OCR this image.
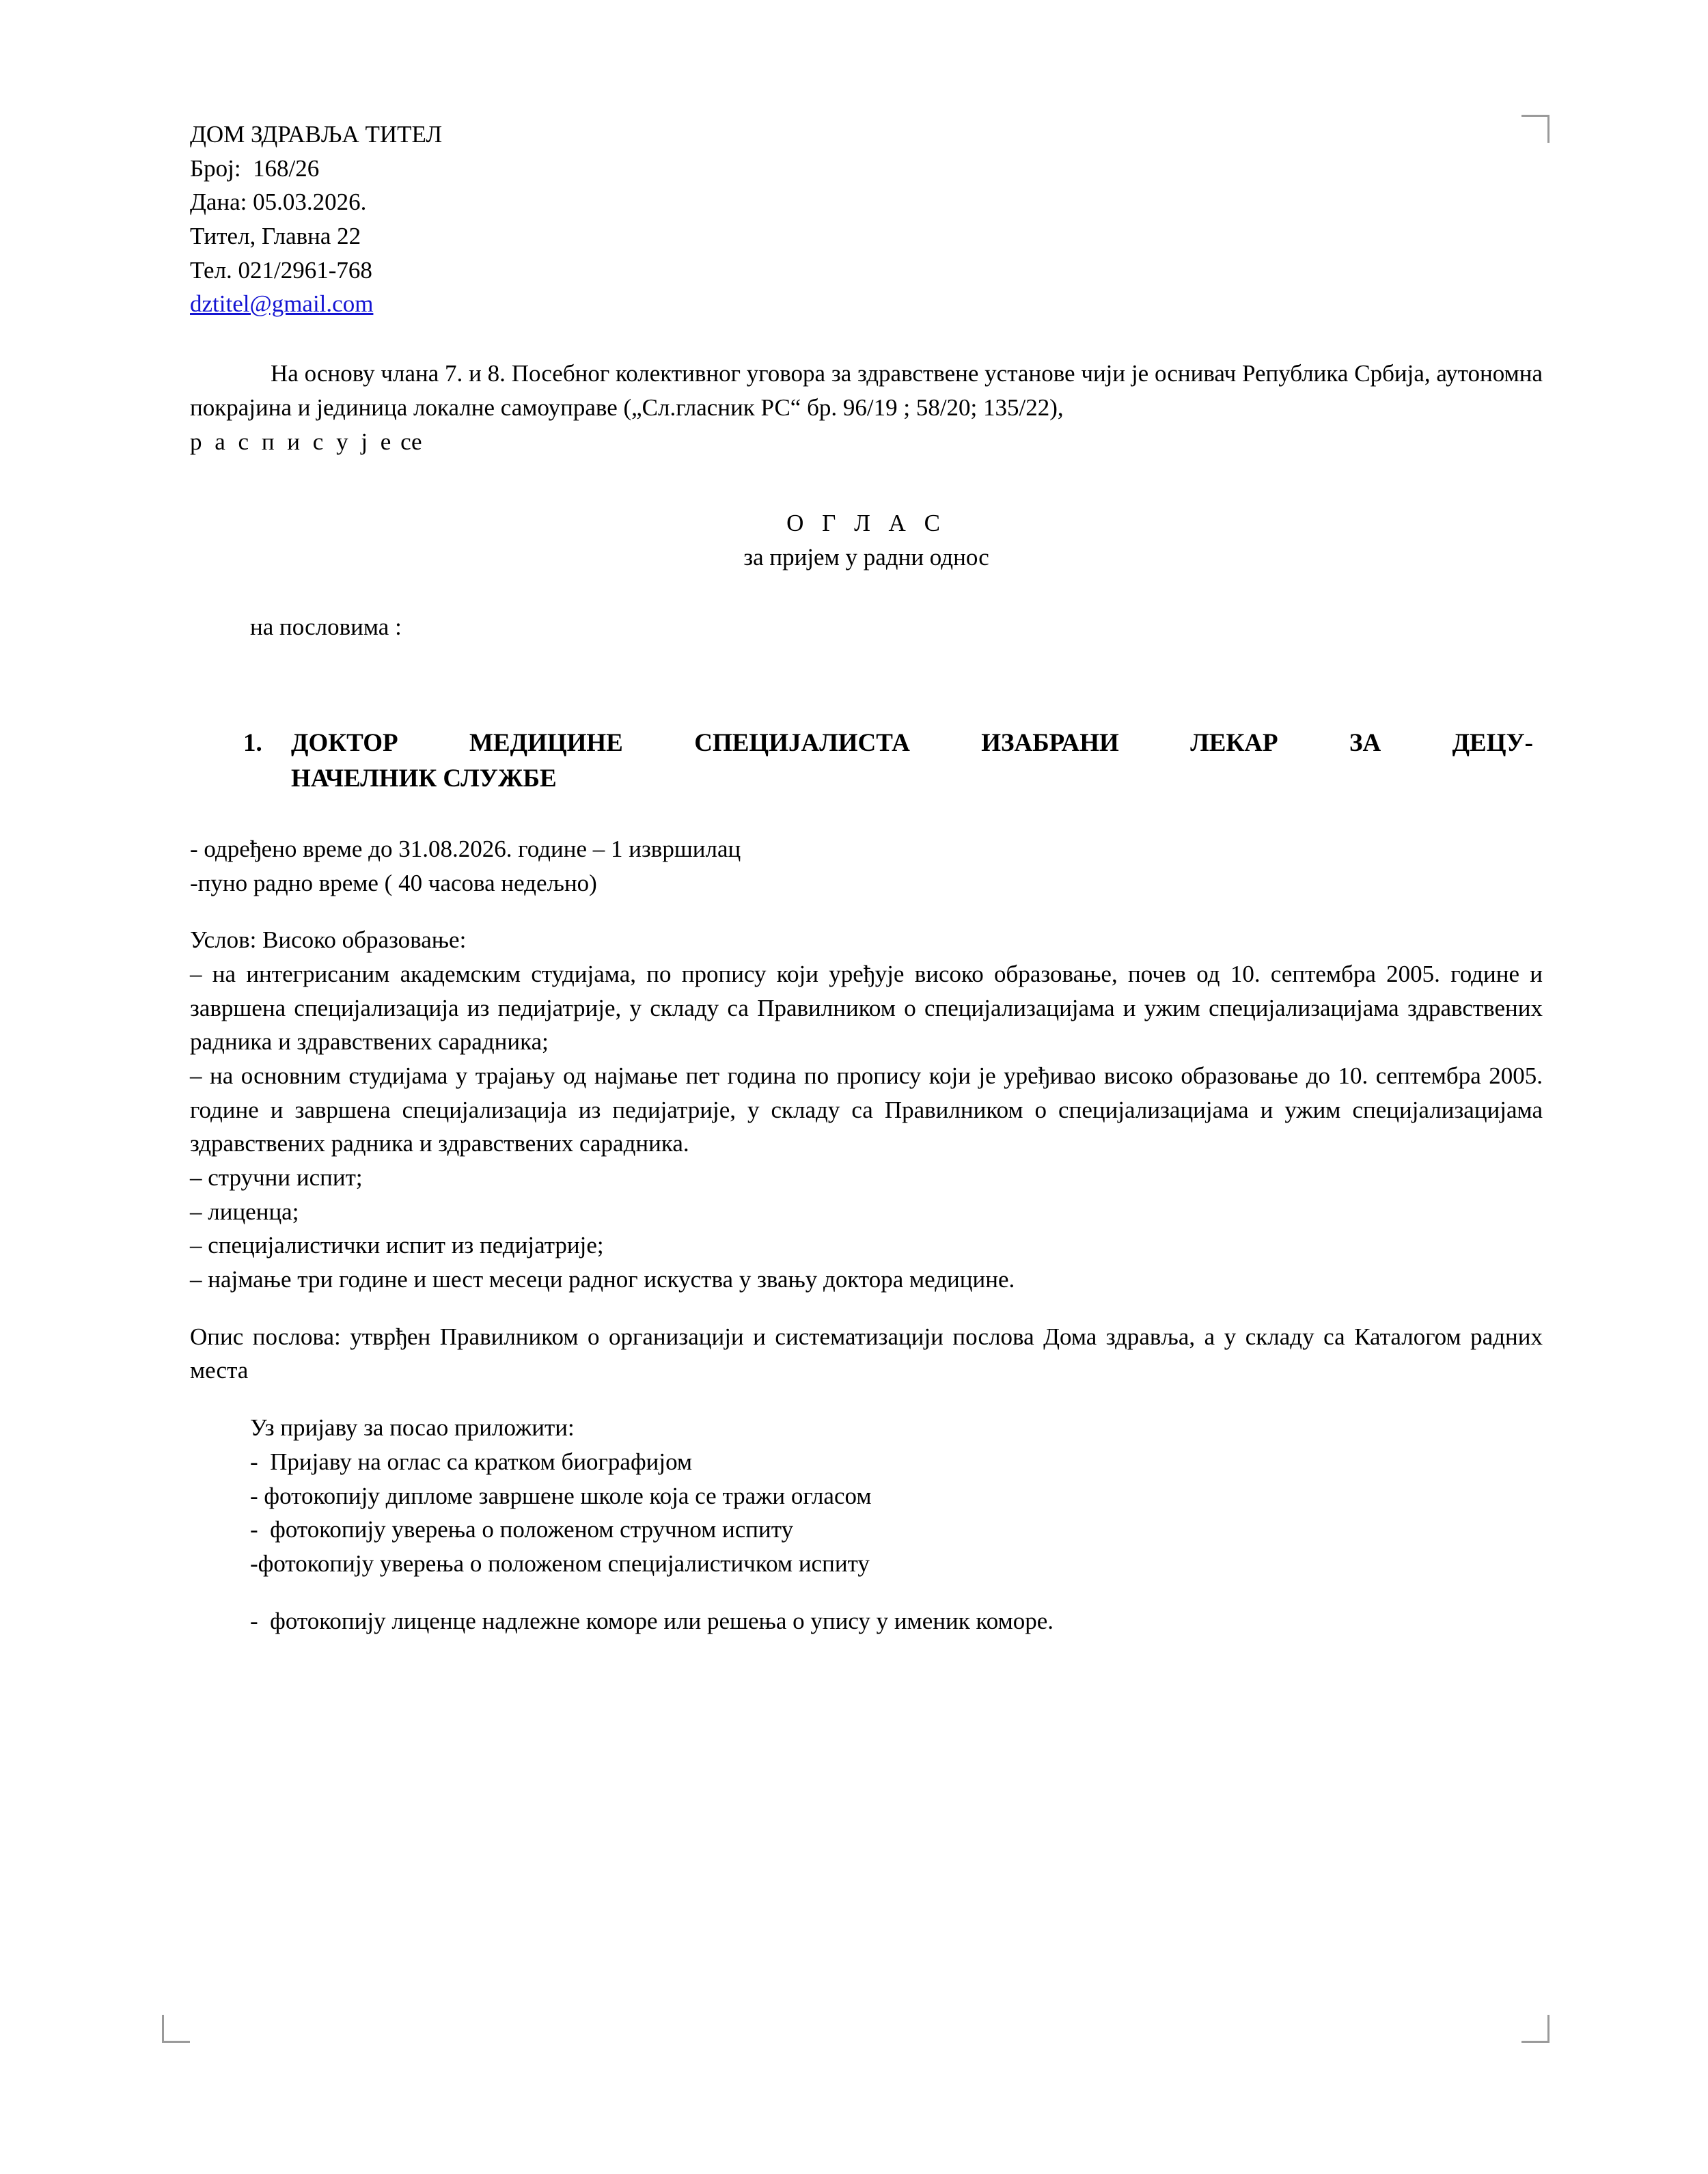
ДОМ ЗДРАВЉА ТИТЕЛ
Број:  168/26
Дана: 05.03.2026.
Тител, Главна 22
Тел. 021/2961-768
dztitel@gmail.com
На основу члана 7. и 8. Посебног колективног уговора за здравствене установе чији је оснивач Република Србија, аутономна покрајина и јединица локалне самоуправе („Сл.гласник РС“ бр. 96/19 ; 58/20; 135/22),
р а с п и с у ј е се
О Г Л А С
за пријем у радни однос
на пословима :
1.	ДОКТОР МЕДИЦИНЕ СПЕЦИЈАЛИСТА ИЗАБРАНИ ЛЕКАР ЗА ДЕЦУ-
НАЧЕЛНИК СЛУЖБЕ
- одређено време до 31.08.2026. године – 1 извршилац
-пуно радно време ( 40 часова недељно)
Услов: Високо образовање:
– на интегрисаним академским студијама, по пропису који уређује високо образовање, почев од 10. септембра 2005. године и завршена специјализација из педијатрије, у складу са Правилником о специјализацијама и ужим специјализацијама здравствених радника и здравствених сарадника;
– на основним студијама у трајању од најмање пет година по пропису који је уређивао високо образовање до 10. септембра 2005. године и завршена специјализација из педијатрије, у складу са Правилником о специјализацијама и ужим специјализацијама здравствених радника и здравствених сарадника.
– стручни испит;
– лиценца;
– специјалистички испит из педијатрије;
– најмање три године и шест месеци радног искуства у звању доктора медицине.
Опис послова: утврђен Правилником о организацији и систематизацији послова Дома здравља, а у складу са Каталогом радних места
Уз пријаву за посао приложити:
-  Пријаву на оглас са кратком биографијом
- фотокопију дипломе завршене школе која се тражи огласом
-  фотокопију уверења о положеном стручном испиту
-фотокопију уверења о положеном специјалистичком испиту
-  фотокопију лиценце надлежне коморе или решења о упису у именик коморе.
